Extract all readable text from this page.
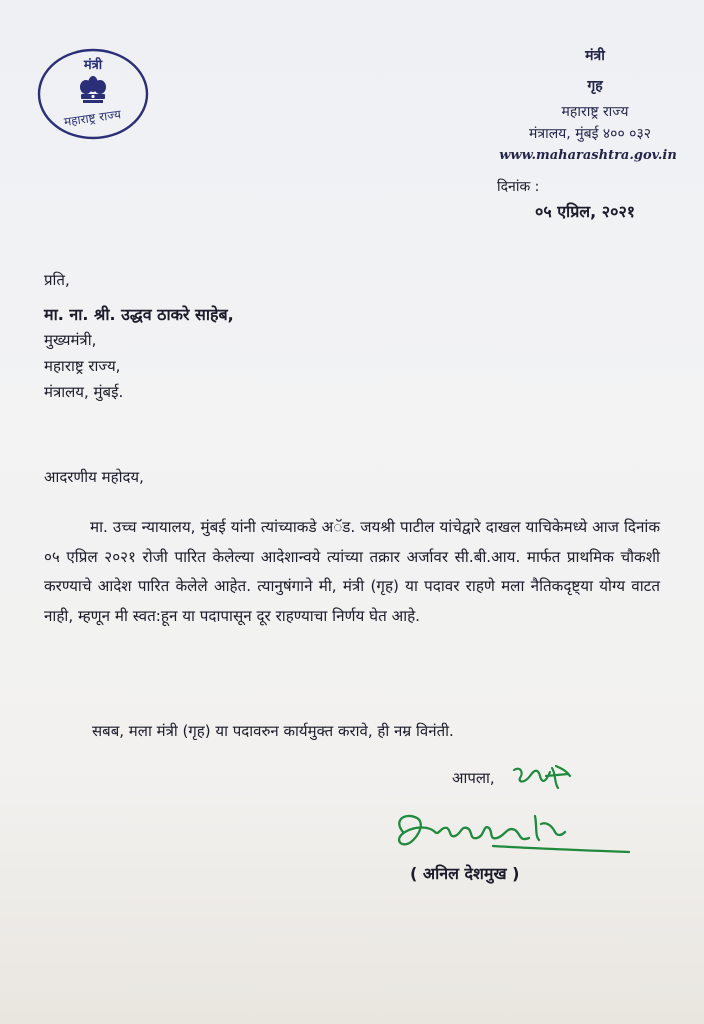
मंत्री
महाराष्ट्र राज्य
मंत्री
गृह
महाराष्ट्र राज्य
मंत्रालय, मुंबई ४०० ०३२
www.maharashtra.gov.in
दिनांक :
०५ एप्रिल, २०२१
प्रति,
मा. ना. श्री. उद्धव ठाकरे साहेब,
मुख्यमंत्री,
महाराष्ट्र राज्य,
मंत्रालय, मुंबई.
आदरणीय महोदय,
मा. उच्च न्यायालय, मुंबई यांनी त्यांच्याकडे अॅड. जयश्री पाटील यांचेद्वारे दाखल याचिकेमध्ये आज दिनांक ०५ एप्रिल २०२१ रोजी पारित केलेल्या आदेशान्वये त्यांच्या तक्रार अर्जावर सी.बी.आय. मार्फत प्राथमिक चौकशी करण्याचे आदेश पारित केलेले आहेत. त्यानुषंगाने मी, मंत्री (गृह) या पदावर राहणे मला नैतिकदृष्ट्या योग्य वाटत नाही, म्हणून मी स्वत:हून या पदापासून दूर राहण्याचा निर्णय घेत आहे.
सबब, मला मंत्री (गृह) या पदावरुन कार्यमुक्त करावे, ही नम्र विनंती.
आपला,
( अनिल देशमुख )
